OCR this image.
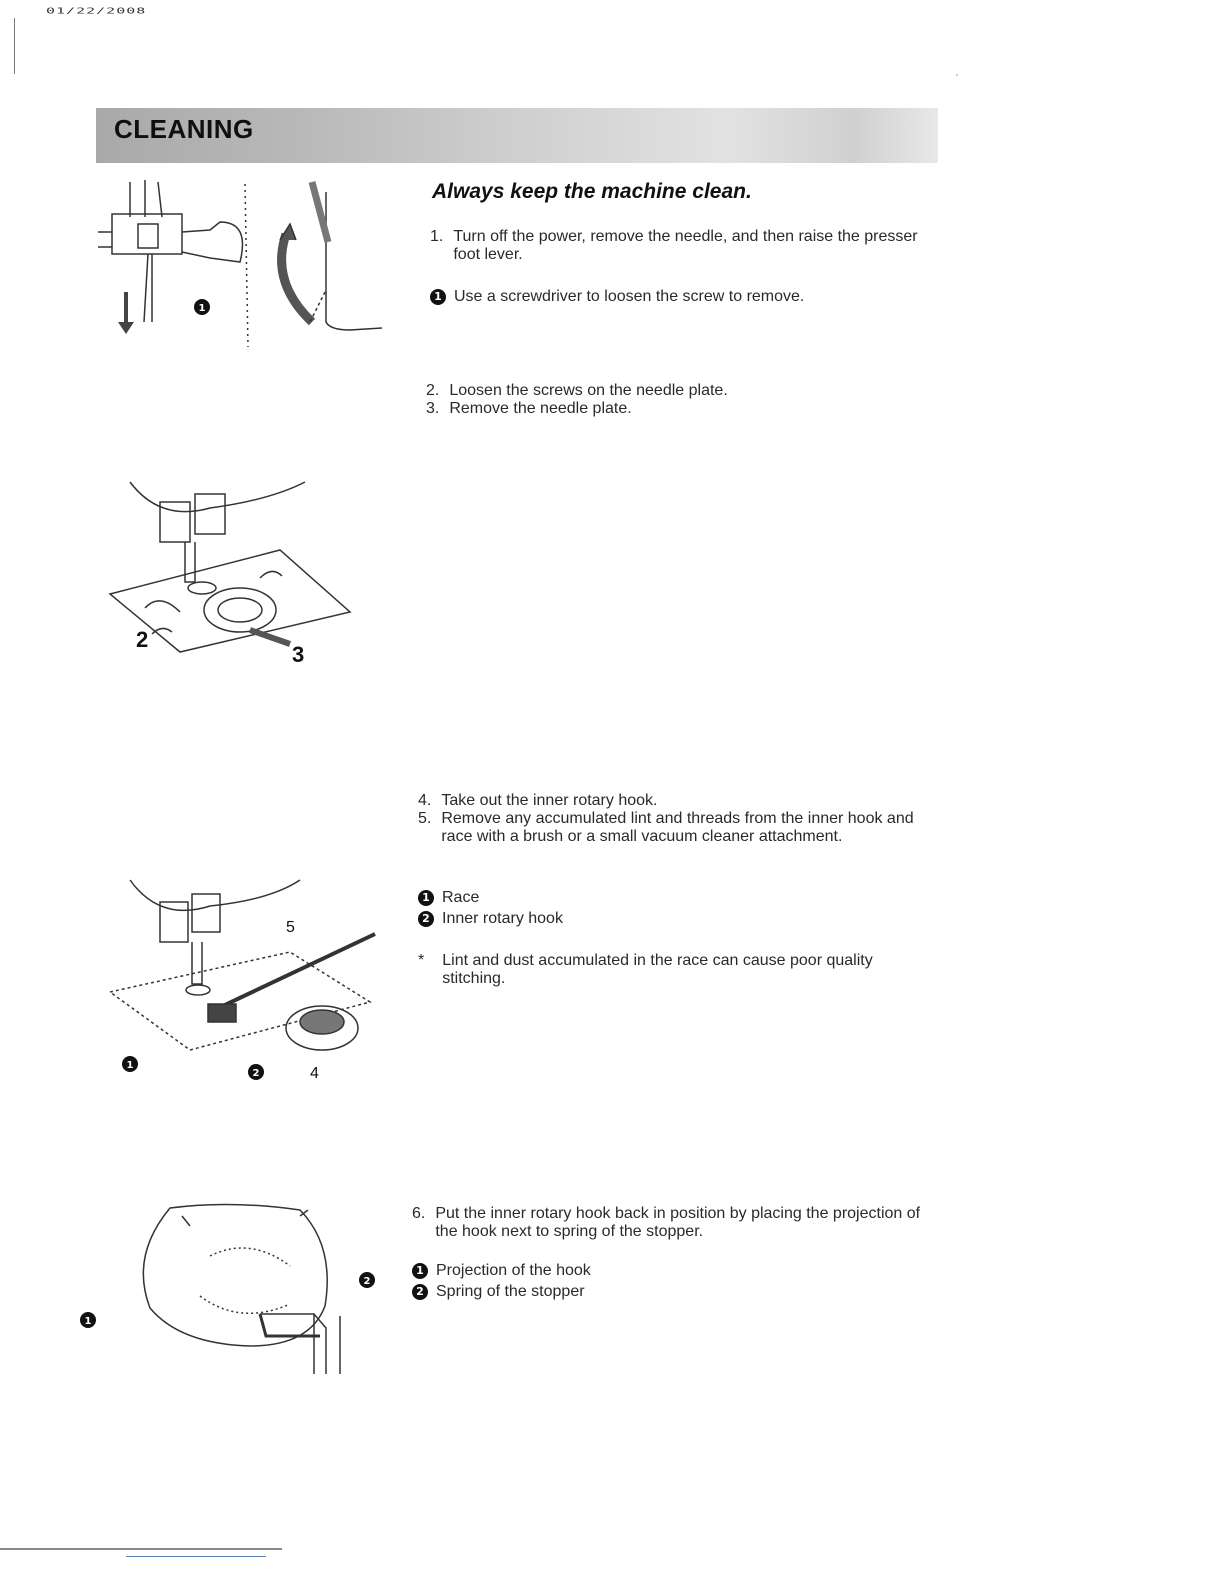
01/22/2008
CLEANING
Always keep the machine clean.
1. Turn off the power, remove the needle, and then raise the presser foot lever.
1 Use a screwdriver to loosen the screw to remove.
2. Loosen the screws on the needle plate.
3. Remove the needle plate.
4. Take out the inner rotary hook.
5. Remove any accumulated lint and threads from the inner hook and race with a brush or a small vacuum cleaner attachment.
1 Race
2 Inner rotary hook
* Lint and dust accumulated in the race can cause poor quality stitching.
6. Put the inner rotary hook back in position by placing the projection of the hook next to spring of the stopper.
1 Projection of the hook
2 Spring of the stopper
1
2
3
5
4
1
2
1
2
